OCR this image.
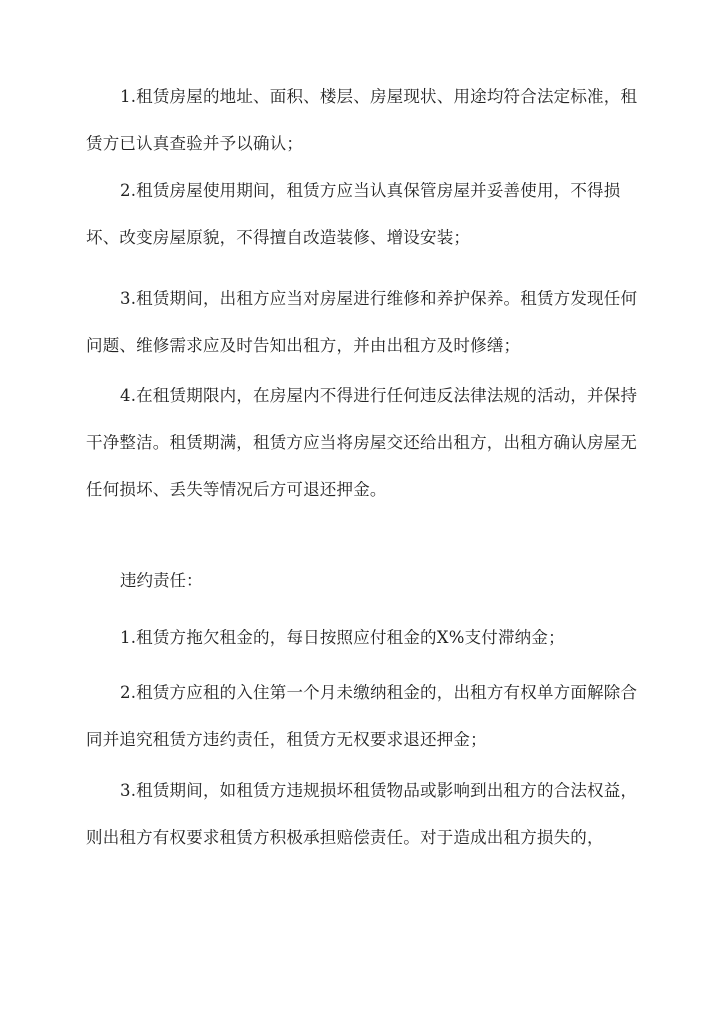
1.租赁房屋的地址、面积、楼层、房屋现状、用途均符合法定标准，租赁方已认真查验并予以确认；

2.租赁房屋使用期间，租赁方应当认真保管房屋并妥善使用，不得损坏、改变房屋原貌，不得擅自改造装修、增设安装；

3.租赁期间，出租方应当对房屋进行维修和养护保养。租赁方发现任何问题、维修需求应及时告知出租方，并由出租方及时修缮；

4.在租赁期限内，在房屋内不得进行任何违反法律法规的活动，并保持干净整洁。租赁期满，租赁方应当将房屋交还给出租方，出租方确认房屋无任何损坏、丢失等情况后方可退还押金。

违约责任：

1.租赁方拖欠租金的，每日按照应付租金的X%支付滞纳金；

2.租赁方应租的入住第一个月未缴纳租金的，出租方有权单方面解除合同并追究租赁方违约责任，租赁方无权要求退还押金；

3.租赁期间，如租赁方违规损坏租赁物品或影响到出租方的合法权益，则出租方有权要求租赁方积极承担赔偿责任。对于造成出租方损失的，
